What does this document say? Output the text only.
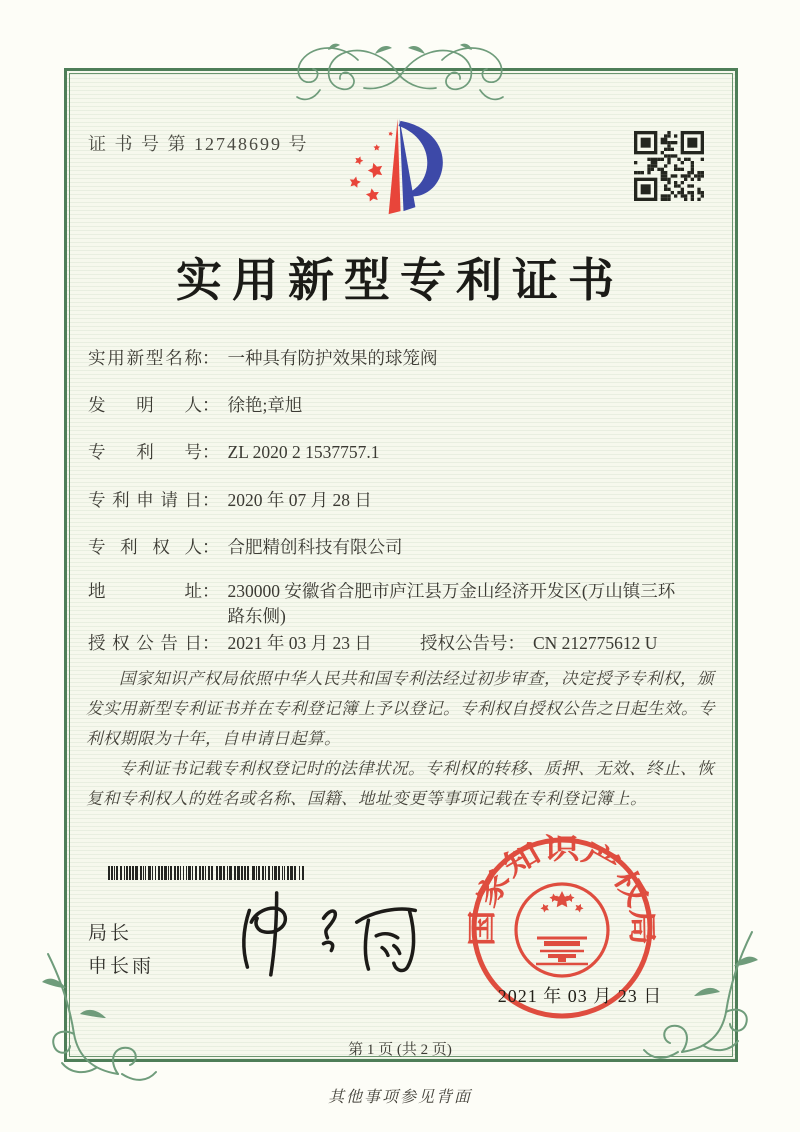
证 书 号 第 12748699 号
实用新型专利证书
实用新型名称 ： 一种具有防护效果的球笼阀
发明人 ： 徐艳;章旭
专利号 ： ZL 2020 2 1537757.1
专利申请日 ： 2020 年 07 月 28 日
专利权人 ： 合肥精创科技有限公司
地址 ： 230000 安徽省合肥市庐江县万金山经济开发区(万山镇三环路东侧)
授权公告日 ： 2021 年 03 月 23 日	授权公告号 ： CN 212775612 U

国家知识产权局依照中华人民共和国专利法经过初步审查，决定授予专利权，颁发实用新型专利证书并在专利登记簿上予以登记。专利权自授权公告之日起生效。专利权期限为十年，自申请日起算。

专利证书记载专利权登记时的法律状况。专利权的转移、质押、无效、终止、恢复和专利权人的姓名或名称、国籍、地址变更等事项记载在专利登记簿上。

局长
申长雨
国家知识产权局
2021 年 03 月 23 日
第 1 页 (共 2 页)
其他事项参见背面
